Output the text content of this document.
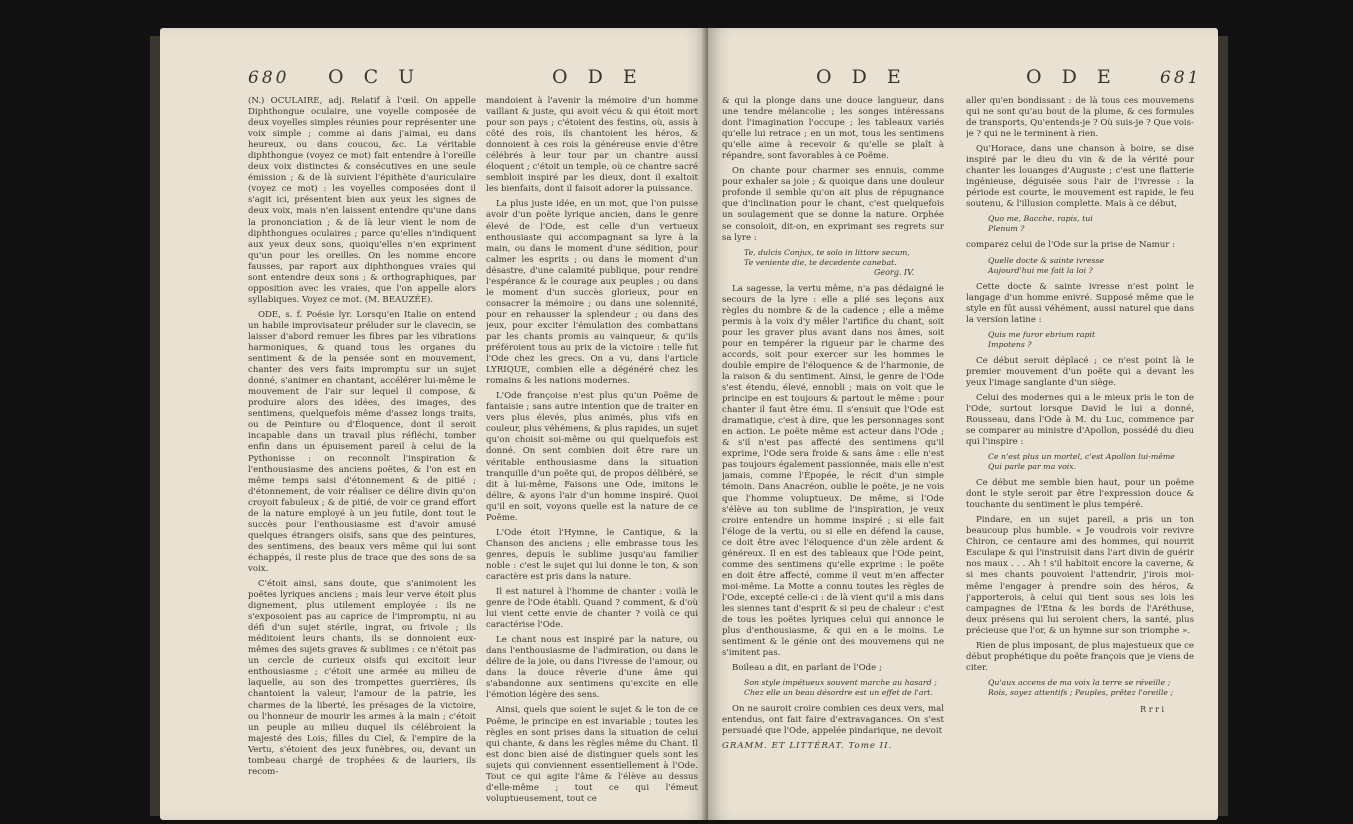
680 O C U	O D E

(N.) OCULAIRE, adj. Relatif à l'œil. On appelle Diphthongue oculaire, une voyelle composée de deux voyelles simples réunies pour représenter une voix simple ; comme ai dans j'aimai, eu dans heureux, ou dans coucou, &c. La véritable diphthongue (voyez ce mot) fait entendre à l'oreille deux voix distinctes & consécutives en une seule émission ; & de là suivient l'épithète d'auriculaire (voyez ce mot) : les voyelles composées dont il s'agit ici, présentent bien aux yeux les signes de deux voix, mais n'en laissent entendre qu'une dans la prononciation ; & de là leur vient le nom de diphthongues oculaires ; parce qu'elles n'indiquent aux yeux deux sons, quoiqu'elles n'en expriment qu'un pour les oreilles. On les nomme encore fausses, par raport aux diphthongues vraies qui sont entendre deux sons ; & orthographiques, par opposition avec les vraies, que l'on appelle alors syllabiques. Voyez ce mot. (M. BEAUZÉE).

ODE, s. f. Poésie lyr. Lorsqu'en Italie on entend un habile improvisateur préluder sur le clavecin, se laisser d'abord remuer les fibres par les vibrations harmoniques, & quand tous les organes du sentiment & de la pensée sont en mouvement, chanter des vers faits impromptu sur un sujet donné, s'animer en chantant, accélérer lui-même le mouvement de l'air sur lequel il compose, & produire alors des idées, des images, des sentimens, quelquefois même d'assez longs traits, ou de Peinture ou d'Éloquence, dont il seroit incapable dans un travail plus réfléchi, tomber enfin dans un épuisement pareil à celui de la Pythonisse : on reconnoît l'inspiration & l'enthousiasme des anciens poëtes, & l'on est en même temps saisi d'étonnement & de pitié ; d'étonnement, de voir réaliser ce délire divin qu'on croyoit fabuleux ; & de pitié, de voir ce grand effort de la nature employé à un jeu futile, dont tout le succès pour l'enthousiasme est d'avoir amusé quelques étrangers oisifs, sans que des peintures, des sentimens, des beaux vers même qui lui sont échappés, il reste plus de trace que des sons de sa voix.

C'étoit ainsi, sans doute, que s'animoient les poëtes lyriques anciens ; mais leur verve étoit plus dignement, plus utilement employée : ils ne s'exposoient pas au caprice de l'impromptu, ni au défi d'un sujet stérile, ingrat, ou frivole ; ils méditoient leurs chants, ils se donnoient eux-mêmes des sujets graves & sublimes : ce n'étoit pas un cercle de curieux oisifs qui excitoit leur enthousiasme ; c'étoit une armée au milieu de laquelle, au son des trompettes guerrières, ils chantoient la valeur, l'amour de la patrie, les charmes de la liberté, les présages de la victoire, ou l'honneur de mourir les armes à la main ; c'étoit un peuple au milieu duquel ils célébroient la majesté des Lois, filles du Ciel, & l'empire de la Vertu, s'étoient des jeux funèbres, ou, devant un tombeau chargé de trophées & de lauriers, ils recom-

mandoient à l'avenir la mémoire d'un homme vaillant & juste, qui avoit vécu & qui étoit mort pour son pays ; c'étoient des festins, où, assis à côté des rois, ils chantoient les héros, & donnoient à ces rois la généreuse envie d'être célébrés à leur tour par un chantre aussi éloquent ; c'étoit un temple, où ce chantre sacré sembloit inspiré par les dieux, dont il exaltoit les bienfaits, dont il faisoit adorer la puissance.

La plus juste idée, en un mot, que l'on puisse avoir d'un poëte lyrique ancien, dans le genre élevé de l'Ode, est celle d'un vertueux enthousiaste qui accompagnant sa lyre à la main, ou dans le moment d'une sédition, pour calmer les esprits ; ou dans le moment d'un désastre, d'une calamité publique, pour rendre l'espérance & le courage aux peuples ; ou dans le moment d'un succès glorieux, pour en consacrer la mémoire ; ou dans une solennité, pour en rehausser la splendeur ; ou dans des jeux, pour exciter l'émulation des combattans par les chants promis au vainqueur, & qu'ils préféroient tous au prix de la victoire : telle fut l'Ode chez les grecs. On a vu, dans l'article LYRIQUE, combien elle a dégénéré chez les romains & les nations modernes.

L'Ode françoise n'est plus qu'un Poëme de fantaisie ; sans autre intention que de traiter en vers plus élevés, plus animés, plus vifs en couleur, plus véhémens, & plus rapides, un sujet qu'on choisit soi-même ou qui quelquefois est donné. On sent combien doit être rare un véritable enthousiasme dans la situation tranquille d'un poëte qui, de propos délibéré, se dit à lui-même, Faisons une Ode, imitons le délire, & ayons l'air d'un homme inspiré. Quoi qu'il en soit, voyons quelle est la nature de ce Poëme.

L'Ode étoit l'Hymne, le Cantique, & la Chanson des anciens ; elle embrasse tous les genres, depuis le sublime jusqu'au familier noble : c'est le sujet qui lui donne le ton, & son caractère est pris dans la nature.

Il est naturel à l'homme de chanter : voilà le genre de l'Ode établi. Quand ? comment, & d'où lui vient cette envie de chanter ? voilà ce qui caractérise l'Ode.

Le chant nous est inspiré par la nature, ou dans l'enthousiasme de l'admiration, ou dans le délire de la joie, ou dans l'ivresse de l'amour, ou dans la douce rêverie d'une âme qui s'abandonne aux sentimens qu'excite en elle l'émotion légère des sens.

Ainsi, quels que soient le sujet & le ton de ce Poëme, le principe en est invariable ; toutes les règles en sont prises dans la situation de celui qui chante, & dans les règles même du Chant. Il est donc bien aisé de distinguer quels sont les sujets qui conviennent essentiellement à l'Ode. Tout ce qui agite l'âme & l'élève au dessus d'elle-même ; tout ce qui l'émeut voluptueusement, tout ce

O D E	O D E 681

& qui la plonge dans une douce langueur, dans une tendre mélancolie ; les songes intéressans dont l'imagination l'occupe ; les tableaux variés qu'elle lui retrace ; en un mot, tous les sentimens qu'elle aime à recevoir & qu'elle se plaît à répandre, sont favorables à ce Poëme.

On chante pour charmer ses ennuis, comme pour exhaler sa joie ; & quoique dans une douleur profonde il semble qu'on ait plus de répugnance que d'inclination pour le chant, c'est quelquefois un soulagement que se donne la nature. Orphée se consoloit, dit-on, en exprimant ses regrets sur sa lyre :

Te, dulcis Conjux, te solo in littore secum,
Te veniente die, te decedente canebat.
Georg. IV.

La sagesse, la vertu même, n'a pas dédaigné le secours de la lyre : elle a plié ses leçons aux règles du nombre & de la cadence ; elle a même permis à la voix d'y mêler l'artifice du chant, soit pour les graver plus avant dans nos âmes, soit pour en tempérer la rigueur par le charme des accords, soit pour exercer sur les hommes le double empire de l'éloquence & de l'harmonie, de la raison & du sentiment. Ainsi, le genre de l'Ode s'est étendu, élevé, ennobli ; mais on voit que le principe en est toujours & partout le même : pour chanter il faut être ému. Il s'ensuit que l'Ode est dramatique, c'est à dire, que les personnages sont en action. Le poëte même est acteur dans l'Ode ; & s'il n'est pas affecté des sentimens qu'il exprime, l'Ode sera froide & sans âme : elle n'est pas toujours également passionnée, mais elle n'est jamais, comme l'Épopée, le récit d'un simple témoin. Dans Anacréon, oublie le poëte, je ne vois que l'homme voluptueux. De même, si l'Ode s'élève au ton sublime de l'inspiration, je veux croire entendre un homme inspiré ; si elle fait l'éloge de la vertu, ou si elle en défend la cause, ce doit être avec l'éloquence d'un zèle ardent & généreux. Il en est des tableaux que l'Ode peint, comme des sentimens qu'elle exprime : le poëte en doit être affecté, comme il veut m'en affecter moi-même. La Motte a connu toutes les règles de l'Ode, excepté celle-ci : de là vient qu'il a mis dans les siennes tant d'esprit & si peu de chaleur : c'est de tous les poëtes lyriques celui qui annonce le plus d'enthousiasme, & qui en a le moins. Le sentiment & le génie ont des mouvemens qui ne s'imitent pas.

Boileau a dit, en parlant de l'Ode ;

Son style impétueux souvent marche au hasard ;
Chez elle un beau désordre est un effet de l'art.

On ne sauroit croire combien ces deux vers, mal entendus, ont fait faire d'extravagances. On s'est persuadé que l'Ode, appelée pindarique, ne devoit

GRAMM. ET LITTÉRAT. Tome II.

aller qu'en bondissant : de là tous ces mouvemens qui ne sont qu'au bout de la plume, & ces formules de transports, Qu'entends-je ? Où suis-je ? Que vois-je ? qui ne le terminent à rien.

Qu'Horace, dans une chanson à boire, se dise inspiré par le dieu du vin & de la vérité pour chanter les louanges d'Auguste ; c'est une flatterie ingénieuse, déguisée sous l'air de l'ivresse : la période est courte, le mouvement est rapide, le feu soutenu, & l'illusion complette. Mais à ce début,

Quo me, Bacche, rapis, tui
Plenum ?

comparez celui de l'Ode sur la prise de Namur :

Quelle docte & sainte ivresse
Aujourd'hui me fait la loi ?

Cette docte & sainte ivresse n'est point le langage d'un homme enivré. Supposé même que le style en fût aussi véhément, aussi naturel que dans la version latine :

Quis me furor ebrium rapit
Impotens ?

Ce début seroit déplacé ; ce n'est point là le premier mouvement d'un poëte qui a devant les yeux l'image sanglante d'un siège.

Celui des modernes qui a le mieux pris le ton de l'Ode, surtout lorsque David le lui a donné, Rousseau, dans l'Ode à M. du Luc, commence par se comparer au ministre d'Apollon, possédé du dieu qui l'inspire :

Ce n'est plus un mortel, c'est Apollon lui-même
Qui parle par ma voix.

Ce début me semble bien haut, pour un poëme dont le style seroit par être l'expression douce & touchante du sentiment le plus tempéré.

Pindare, en un sujet pareil, a pris un ton beaucoup plus humble. « Je voudrois voir revivre Chiron, ce centaure ami des hommes, qui nourrit Esculape & qui l'instruisit dans l'art divin de guérir nos maux . . . Ah ! s'il habitoit encore la caverne, & si mes chants pouvoient l'attendrir, j'irois moi-même l'engager à prendre soin des héros, & j'apporterois, à celui qui tient sous ses lois les campagnes de l'Etna & les bords de l'Aréthuse, deux présens qui lui seroient chers, la santé, plus précieuse que l'or, & un hymne sur son triomphe ».

Rien de plus imposant, de plus majestueux que ce début prophétique du poëte françois que je viens de citer.

Qu'aux accens de ma voix la terre se réveille ;
Rois, soyez attentifs ; Peuples, prêtez l'oreille ;
R r r i
